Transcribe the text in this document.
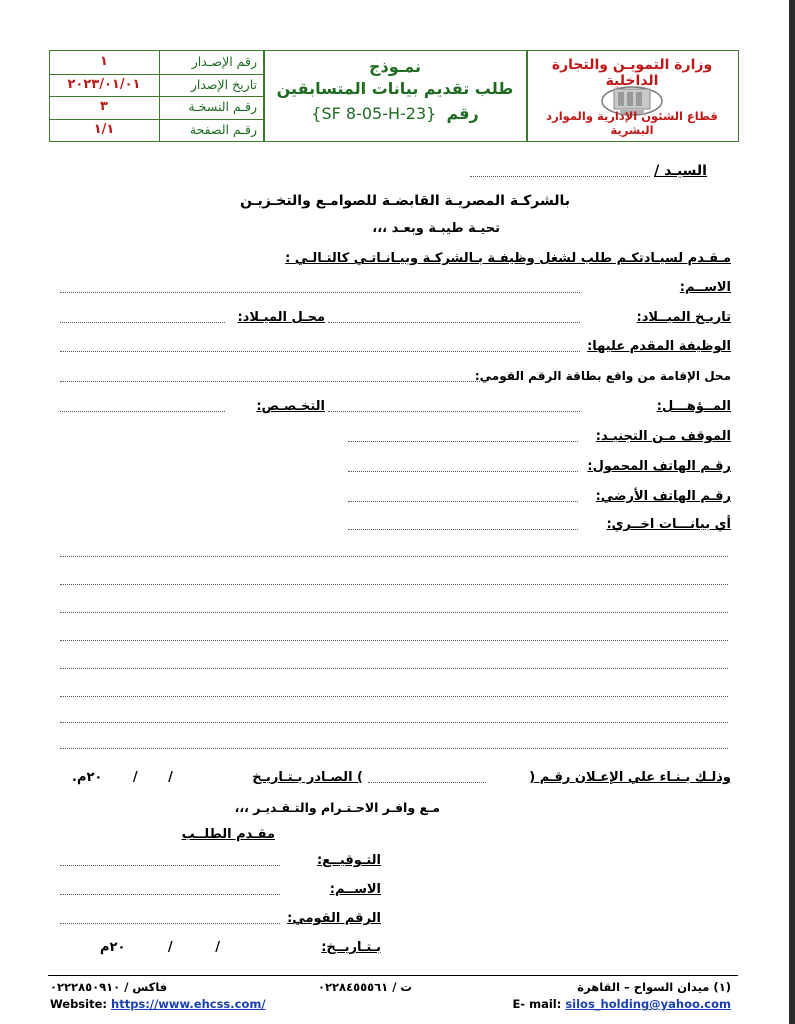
١	رقم الإصـدار
٢٠٢٣/٠١/٠١	تاريخ الإصدار
٣	رقـم النسخـة
١/١	رقـم الصفحة
نمـوذج
طلب تقديم بيانات المتسابقين
{SF 8-05-H-23} رقم
وزارة التمويـن والتجارة الداخلية
قطاع الشئون الإدارية والموارد البشرية
السيـد /
بالشركـة المصريـة القابضـة للصوامـع والتخـزيـن
تحيـة طيبـة وبعـد ،،،
مـقـدم لسيـادتكـم طلب لشغل وظيفـة بـالشركـة وبيـانـاتـي كالتـالـي :
الاســم:
تاريـخ الميــلاد:
محـل الميـلاد:
الوظيفة المقدم عليها:
محل الإقامة من واقع بطاقة الرقم القومي:
المــؤهـــل:
التخـصـص:
الموقف مـن التجنيـد:
رقـم الهاتف المحمول:
رقـم الهاتف الأرضي:
أي بيانـــات اخــري:
وذلـك بـنـاء علي الإعـلان رقـم (
) الصـادر بـتـاريـخ
/ / ٢٠م.
مـع وافـر الاحـتـرام والتـقـديـر ،،،
مقـدم الطلــب
التـوقيــع:
الاســم:
الرقم القومي:
بـتـاريــخ:
/ / ٢٠م
(١) ميدان السواح – القاهرة
ت / ٠٢٢٨٤٥٥٥٦١
فاكس / ٠٢٢٢٨٥٠٩١٠
E- mail: silos_holding@yahoo.com
Website: https://www.ehcss.com/
